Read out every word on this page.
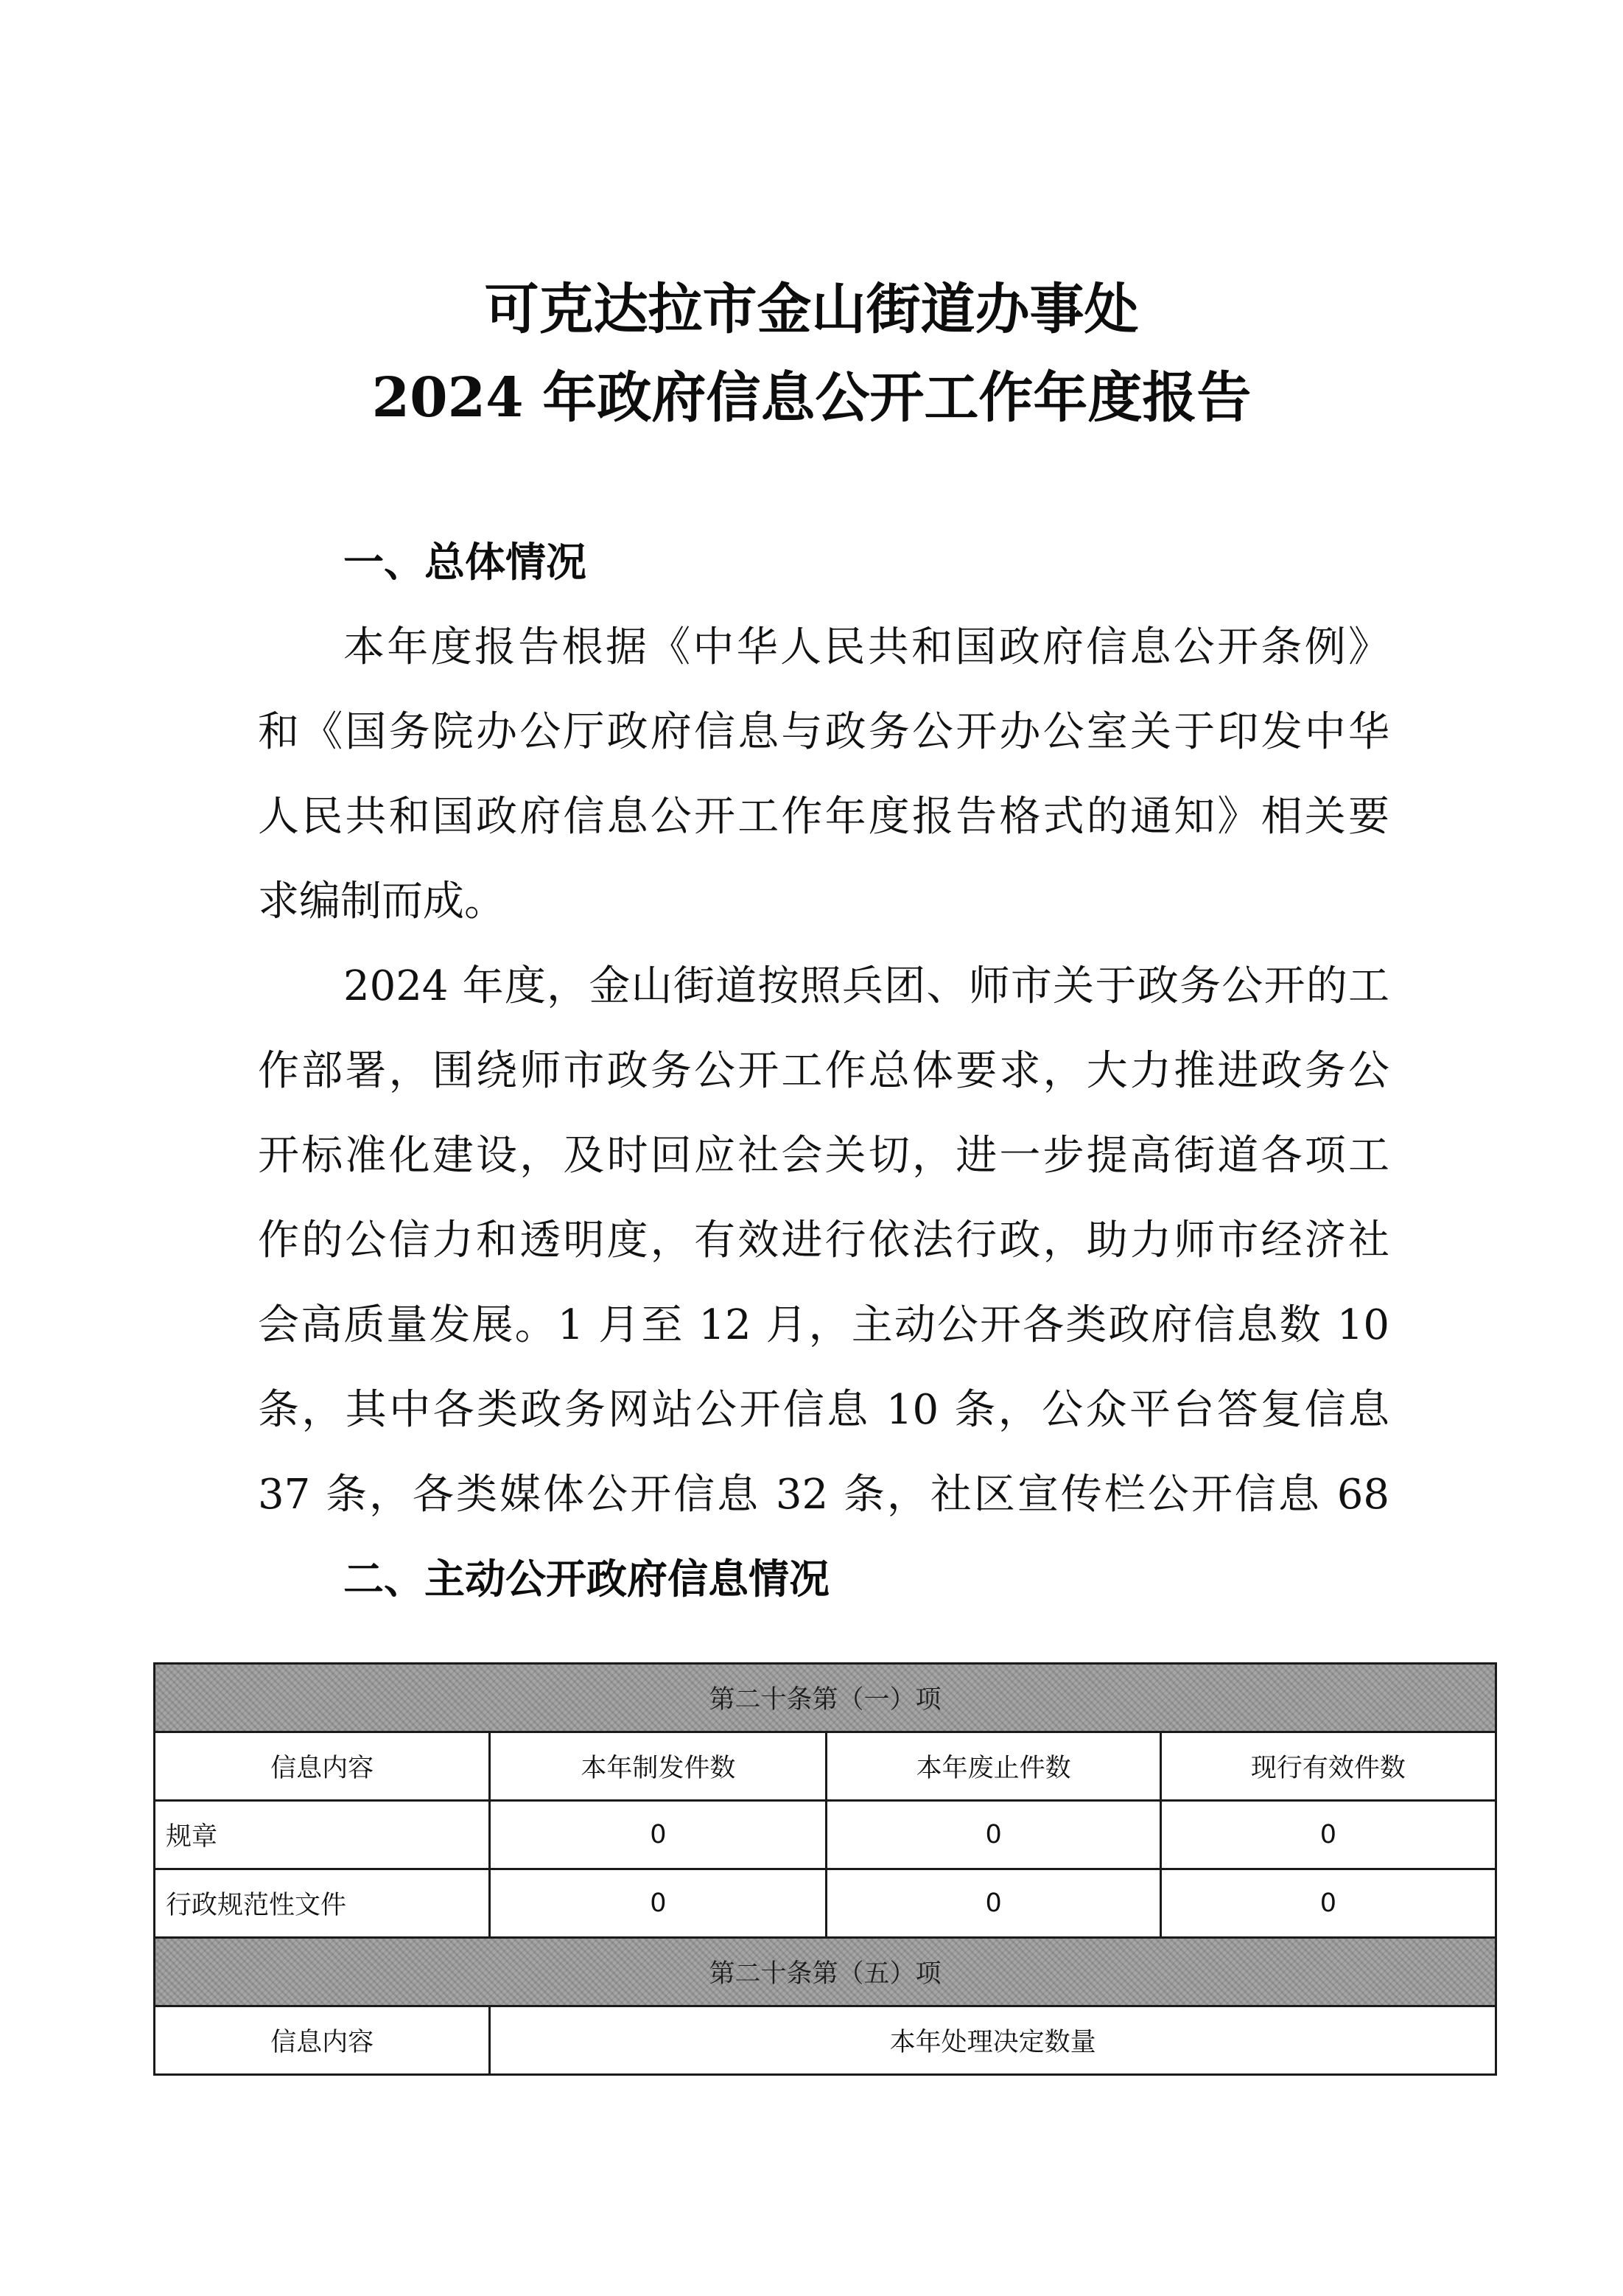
可克达拉市金山街道办事处
2024 年政府信息公开工作年度报告
一、总体情况
本年度报告根据《中华人民共和国政府信息公开条例》
和《国务院办公厅政府信息与政务公开办公室关于印发中华
人民共和国政府信息公开工作年度报告格式的通知》相关要
求编制而成。
2024 年度，金山街道按照兵团、师市关于政务公开的工
作部署，围绕师市政务公开工作总体要求，大力推进政务公
开标准化建设，及时回应社会关切，进一步提高街道各项工
作的公信力和透明度，有效进行依法行政，助力师市经济社
会高质量发展。1 月至 12 月，主动公开各类政府信息数 10
条，其中各类政务网站公开信息 10 条，公众平台答复信息
37 条，各类媒体公开信息 32 条，社区宣传栏公开信息 68
二、主动公开政府信息情况
第二十条第（一）项			
信息内容	本年制发件数	本年废止件数	现行有效件数
规章	0	0	0
行政规范性文件	0	0	0
第二十条第（五）项			
信息内容	本年处理决定数量		
